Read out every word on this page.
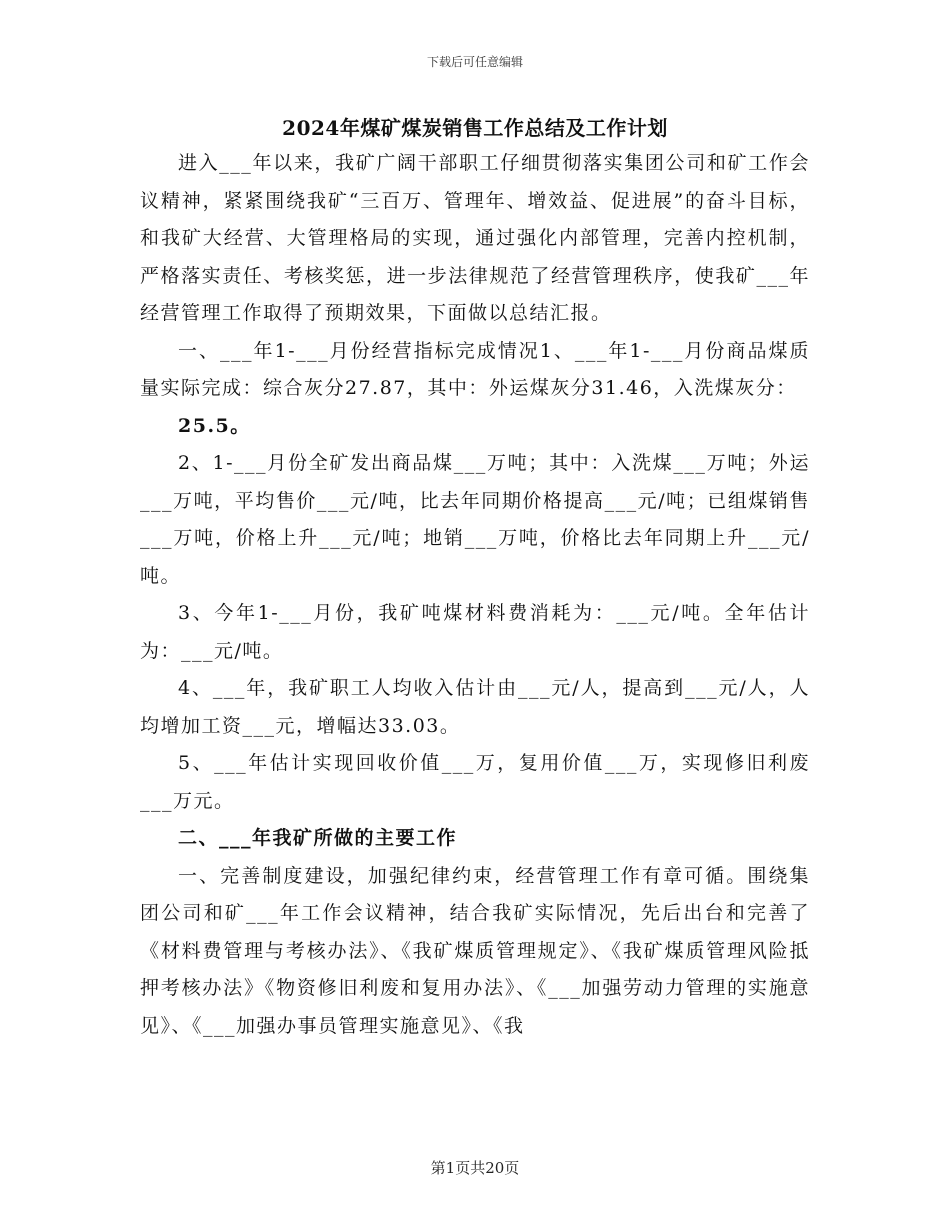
下载后可任意编辑
2024年煤矿煤炭销售工作总结及工作计划

进入___年以来，我矿广阔干部职工仔细贯彻落实集团公司和矿工作会议精神，紧紧围绕我矿“三百万、管理年、增效益、促进展”的奋斗目标，和我矿大经营、大管理格局的实现，通过强化内部管理，完善内控机制，严格落实责任、考核奖惩，进一步法律规范了经营管理秩序，使我矿___年经营管理工作取得了预期效果，下面做以总结汇报。

一、___年1-___月份经营指标完成情况1、___年1-___月份商品煤质量实际完成：综合灰分27.87，其中：外运煤灰分31.46，入洗煤灰分：

25.5。

2、1-___月份全矿发出商品煤___万吨；其中：入洗煤___万吨；外运___万吨，平均售价___元/吨，比去年同期价格提高___元/吨；已组煤销售___万吨，价格上升___元/吨；地销___万吨，价格比去年同期上升___元/吨。

3、今年1-___月份，我矿吨煤材料费消耗为：___元/吨。全年估计为：___元/吨。

4、___年，我矿职工人均收入估计由___元/人，提高到___元/人，人均增加工资___元，增幅达33.03。

5、___年估计实现回收价值___万，复用价值___万，实现修旧利废___万元。

二、___年我矿所做的主要工作

一、完善制度建设，加强纪律约束，经营管理工作有章可循。围绕集团公司和矿___年工作会议精神，结合我矿实际情况，先后出台和完善了《材料费管理与考核办法》、《我矿煤质管理规定》、《我矿煤质管理风险抵押考核办法》《物资修旧利废和复用办法》、《___加强劳动力管理的实施意见》、《___加强办事员管理实施意见》、《我

第1页共20页
